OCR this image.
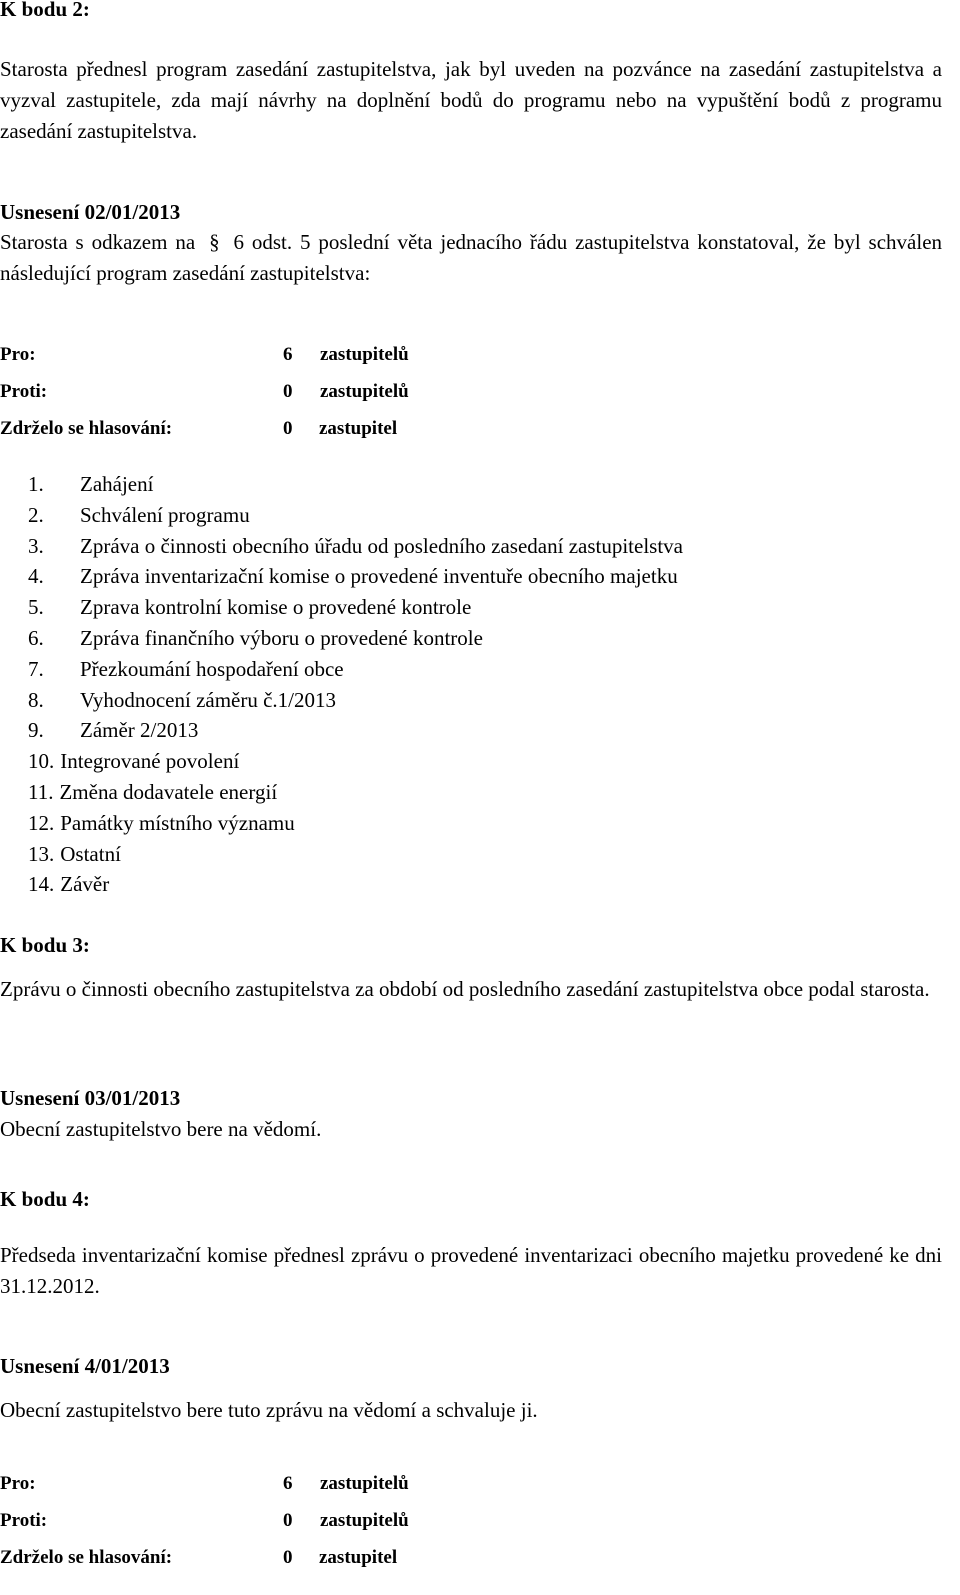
K bodu 2:

Starosta přednesl program zasedání zastupitelstva, jak byl uveden na pozvánce na zasedání zastupitelstva a vyzval zastupitele, zda mají návrhy na doplnění bodů do programu nebo na vypuštění bodů z programu zasedání zastupitelstva.

Usnesení 02/01/2013

Starosta s odkazem na § 6 odst. 5 poslední věta jednacího řádu zastupitelstva konstatoval, že byl schválen následující program zasedání zastupitelstva:

Pro:	6	zastupitelů
Proti:	0	zastupitelů
Zdrželo se hlasování:	0	zastupitel
1.	Zahájení
2.	Schválení programu
3.	Zpráva o činnosti obecního úřadu od posledního zasedaní zastupitelstva
4.	Zpráva inventarizační komise o provedené inventuře obecního majetku
5.	Zprava kontrolní komise o provedené kontrole
6.	Zpráva finančního výboru o provedené kontrole
7.	Přezkoumání hospodaření obce
8.	Vyhodnocení záměru č.1/2013
9.	Záměr 2/2013
10. Integrované povolení
11. Změna dodavatele energií
12. Památky místního významu
13. Ostatní
14. Závěr
K bodu 3:

Zprávu o činnosti obecního zastupitelstva za období od posledního zasedání zastupitelstva obce podal starosta.

Usnesení 03/01/2013
Obecní zastupitelstvo bere na vědomí.
K bodu 4:

Předseda inventarizační komise přednesl zprávu o provedené inventarizaci obecního majetku provedené ke dni 31.12.2012.

Usnesení 4/01/2013
Obecní zastupitelstvo bere tuto zprávu na vědomí a schvaluje ji.
Pro:	6	zastupitelů
Proti:	0	zastupitelů
Zdrželo se hlasování:	0	zastupitel
